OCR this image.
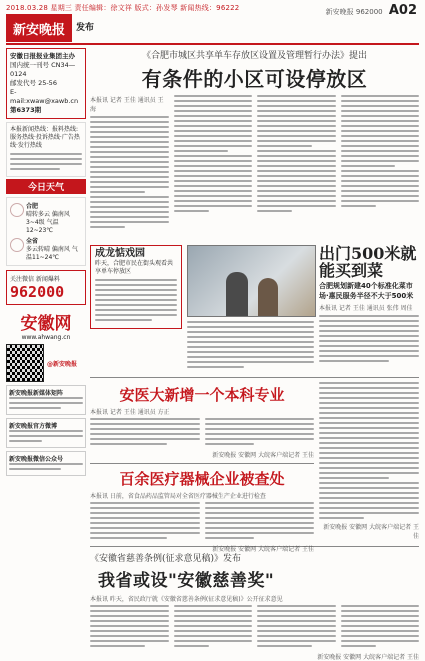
2018.03.28 星期三 责任编辑：徐文祥 版式：孙发琴 新闻热线：96222	新安晚报 962000 A02
新安晚报	发布
安徽日报报业集团主办
国内统一刊号 CN34—0124
邮发代号 25-56
E-mail:xwaw@xawb.cn
第6373期
本报新闻热线：报料热线:服务热线·投诉热线·广告热线·发行热线
今日天气
合肥
晴转多云 偏南风3~4级 气温12~23℃
全省
多云转晴 偏南风 气温11~24℃
关注微信 新闻爆料
962000
安徽网
www.ahwang.cn
@新安晚报
新安晚报新媒体矩阵
新安晚报官方微博
新安晚报微信公众号
《合肥市城区共享单车存放区设置及管理暂行办法》提出
有条件的小区可设停放区
本报讯 记者 王佳 通讯员 王海
成龙惦戏园
昨天，合肥市民在街头观看共享单车停放区
出门500米就能买到菜
合肥规划新建40个标准化菜市场·惠民服务半径不大于500米
本报讯 记者 王佳 通讯员 张伟 周佳
安医大新增一个本科专业
本报讯 记者 王佳 通讯员 方正
新安晚报 安徽网 大皖客户端记者 王佳
百余医疗器械企业被查处
本报讯 日前，省食品药品监管局对全省医疗器械生产企业进行检查
新安晚报 安徽网 大皖客户端记者 王佳
新安晚报 安徽网 大皖客户端记者 王佳
《安徽省慈善条例(征求意见稿)》发布
我省或设"安徽慈善奖"
本报讯 昨天，省民政厅就《安徽省慈善条例(征求意见稿)》公开征求意见
新安晚报 安徽网 大皖客户端记者 王佳
